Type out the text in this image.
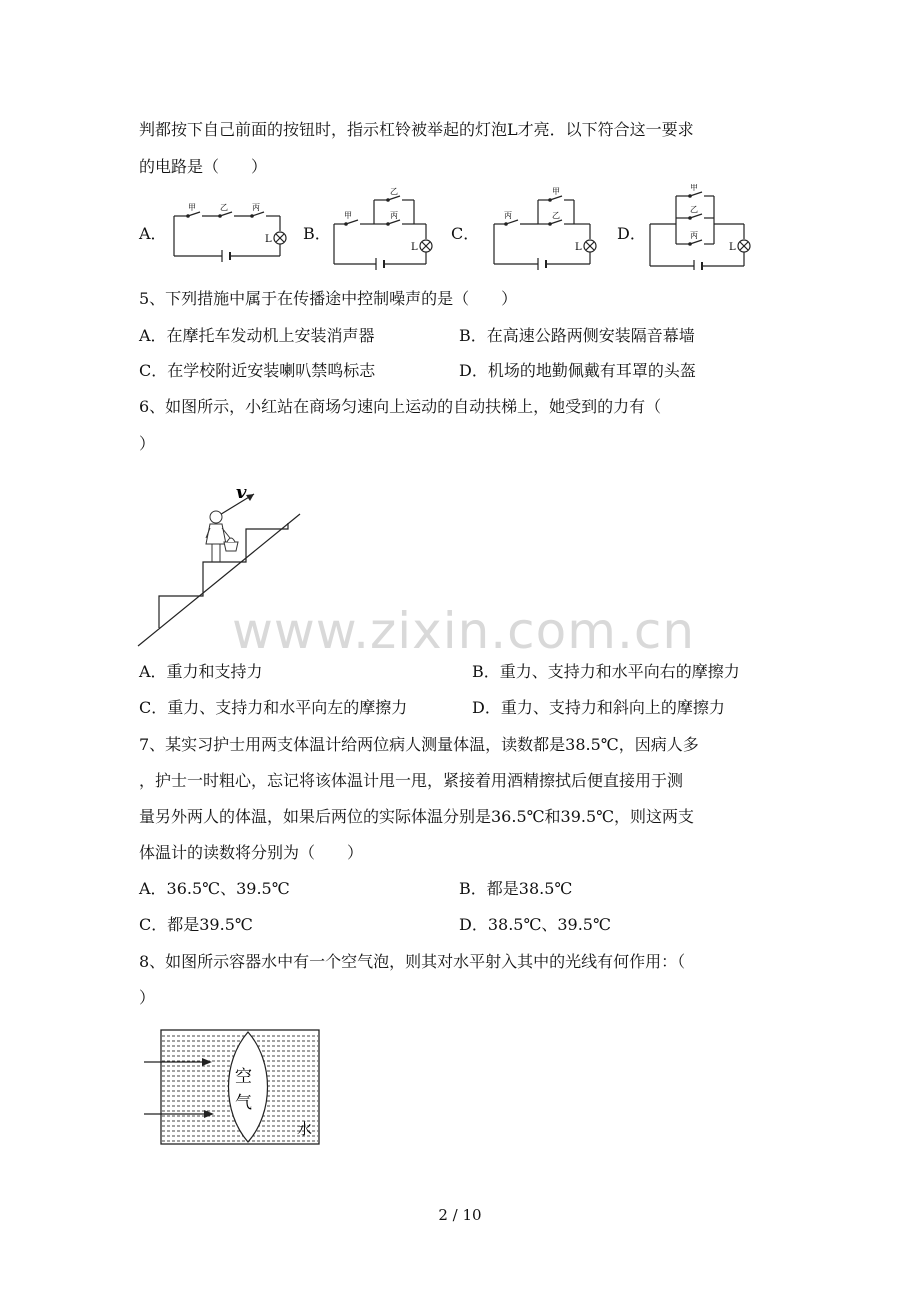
判都按下自己前面的按钮时，指示杠铃被举起的灯泡L才亮．以下符合这一要求
的电路是（　　）
A．	B．	C．	D．
甲	乙	丙
L
甲
乙
丙
L
丙
甲
乙
L
甲
乙
丙
L
5、下列措施中属于在传播途中控制噪声的是（　　）
A．在摩托车发动机上安装消声器	B．在高速公路两侧安装隔音幕墙
C．在学校附近安装喇叭禁鸣标志	D．机场的地勤佩戴有耳罩的头盔
6、如图所示，小红站在商场匀速向上运动的自动扶梯上，她受到的力有（
）
v
www.zixin.com.cn
A．重力和支持力	B．重力、支持力和水平向右的摩擦力
C．重力、支持力和水平向左的摩擦力	D．重力、支持力和斜向上的摩擦力
7、某实习护士用两支体温计给两位病人测量体温，读数都是38.5℃，因病人多
，护士一时粗心，忘记将该体温计甩一甩，紧接着用酒精擦拭后便直接用于测
量另外两人的体温，如果后两位的实际体温分别是36.5℃和39.5℃，则这两支
体温计的读数将分别为（　　）
A．36.5℃、39.5℃	B．都是38.5℃
C．都是39.5℃	D．38.5℃、39.5℃
8、如图所示容器水中有一个空气泡，则其对水平射入其中的光线有何作用：（
）
空
气
水
2 / 10
